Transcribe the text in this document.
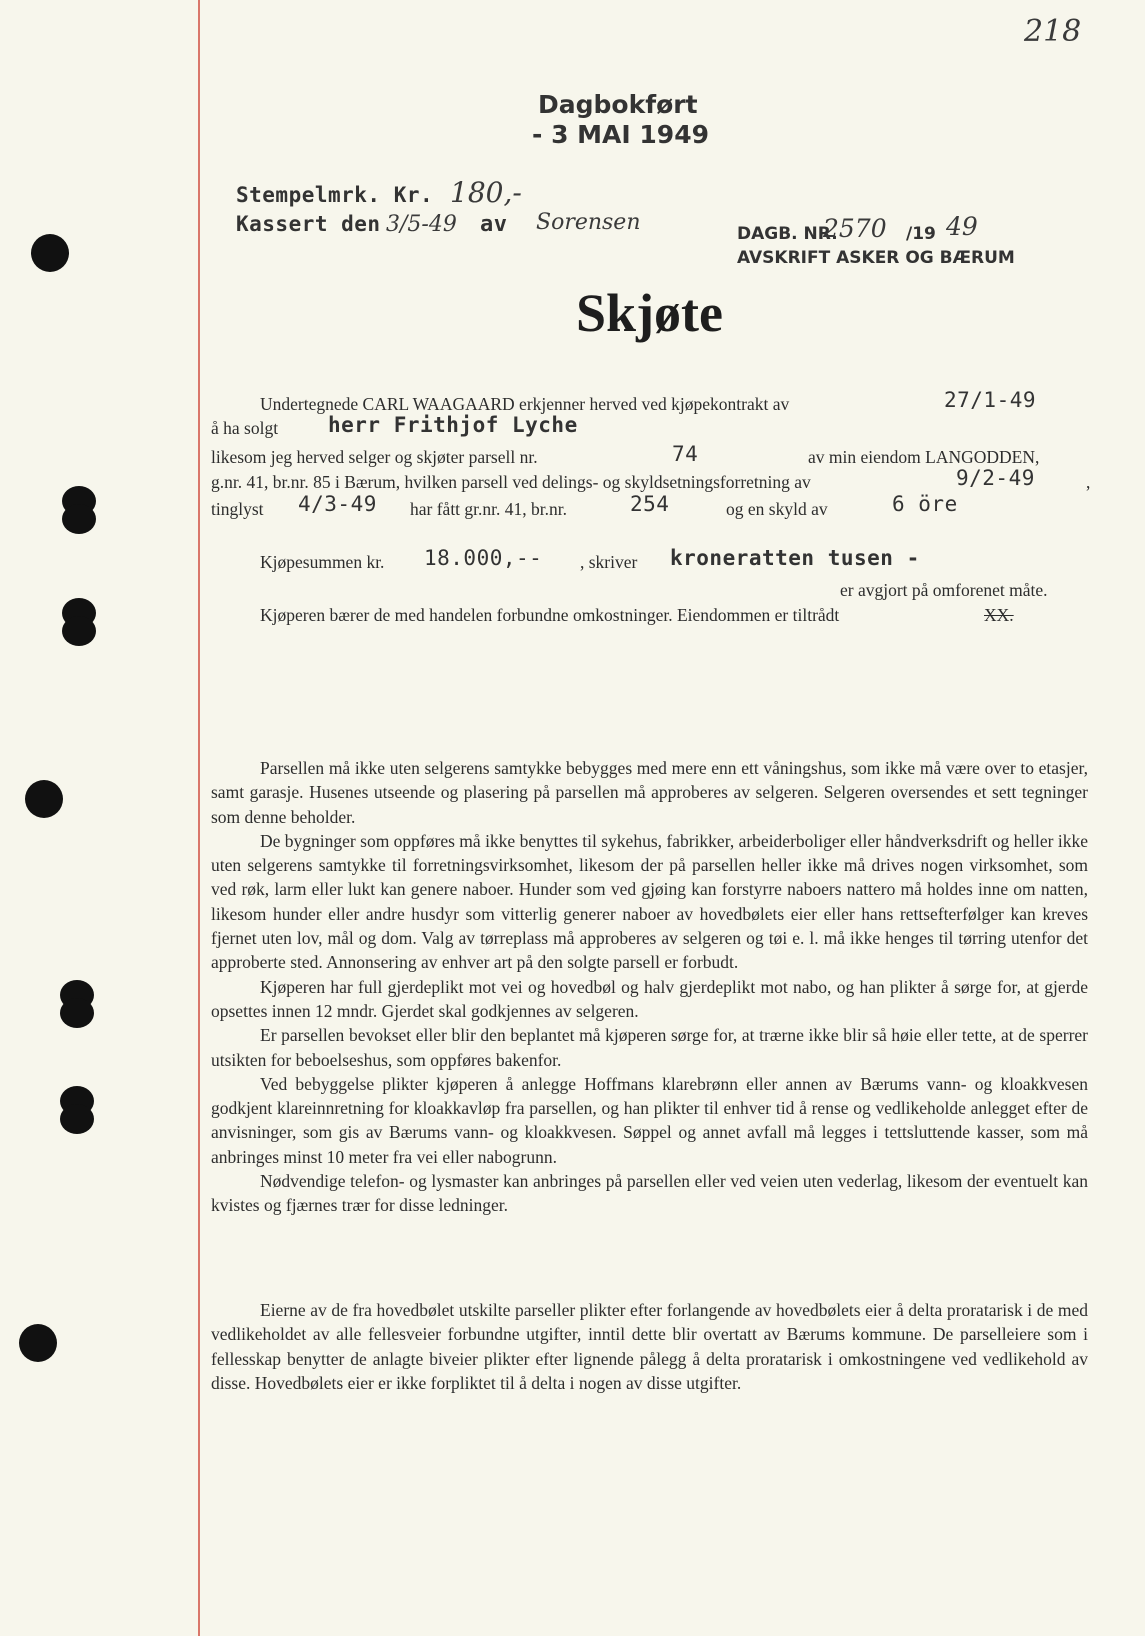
218
Dagbokført
- 3 MAI 1949
Stempelmrk. Kr. 180,-
Kassert den 3/5-49 av Sorensen	DAGB. NR.
2570 /19 49
AVSKRIFT ASKER OG BÆRUM
Skjøte
Undertegnede CARL WAAGAARD erkjenner herved ved kjøpekontrakt av	27/1-49
å ha solgt herr Frithjof Lyche
likesom jeg herved selger og skjøter parsell nr.	74	av min eiendom LANGODDEN,
g.nr. 41, br.nr. 85 i Bærum, hvilken parsell ved delings- og skyldsetningsforretning av	9/2-49	,
tinglyst 4/3-49 har fått gr.nr. 41, br.nr.	254	og en skyld av	6 öre
Kjøpesummen kr. 18.000,-- , skriver kroneratten tusen -
er avgjort på omforenet måte.
Kjøperen bærer de med handelen forbundne omkostninger. Eiendommen er tiltrådt	XX.

Parsellen må ikke uten selgerens samtykke bebygges med mere enn ett våningshus, som ikke må være over to etasjer, samt garasje. Husenes utseende og plasering på parsellen må approberes av selgeren. Selgeren oversendes et sett tegninger som denne beholder.

De bygninger som oppføres må ikke benyttes til sykehus, fabrikker, arbeiderboliger eller håndverksdrift og heller ikke uten selgerens samtykke til forretningsvirksomhet, likesom der på parsellen heller ikke må drives nogen virksomhet, som ved røk, larm eller lukt kan genere naboer. Hunder som ved gjøing kan forstyrre naboers nattero må holdes inne om natten, likesom hunder eller andre husdyr som vitterlig generer naboer av hovedbølets eier eller hans rettsefterfølger kan kreves fjernet uten lov, mål og dom. Valg av tørreplass må approberes av selgeren og tøi e. l. må ikke henges til tørring utenfor det approberte sted. Annonsering av enhver art på den solgte parsell er forbudt.

Kjøperen har full gjerdeplikt mot vei og hovedbøl og halv gjerdeplikt mot nabo, og han plikter å sørge for, at gjerde opsettes innen 12 mndr. Gjerdet skal godkjennes av selgeren.

Er parsellen bevokset eller blir den beplantet må kjøperen sørge for, at trærne ikke blir så høie eller tette, at de sperrer utsikten for beboelseshus, som oppføres bakenfor.

Ved bebyggelse plikter kjøperen å anlegge Hoffmans klarebrønn eller annen av Bærums vann- og kloakkvesen godkjent klareinnretning for kloakkavløp fra parsellen, og han plikter til enhver tid å rense og vedlikeholde anlegget efter de anvisninger, som gis av Bærums vann- og kloakkvesen. Søppel og annet avfall må legges i tettsluttende kasser, som må anbringes minst 10 meter fra vei eller nabogrunn.

Nødvendige telefon- og lysmaster kan anbringes på parsellen eller ved veien uten vederlag, likesom der eventuelt kan kvistes og fjærnes trær for disse ledninger.

Eierne av de fra hovedbølet utskilte parseller plikter efter forlangende av hovedbølets eier å delta proratarisk i de med vedlikeholdet av alle fellesveier forbundne utgifter, inntil dette blir overtatt av Bærums kommune. De parselleiere som i fellesskap benytter de anlagte biveier plikter efter lignende pålegg å delta proratarisk i omkostningene ved vedlikehold av disse. Hovedbølets eier er ikke forpliktet til å delta i nogen av disse utgifter.
